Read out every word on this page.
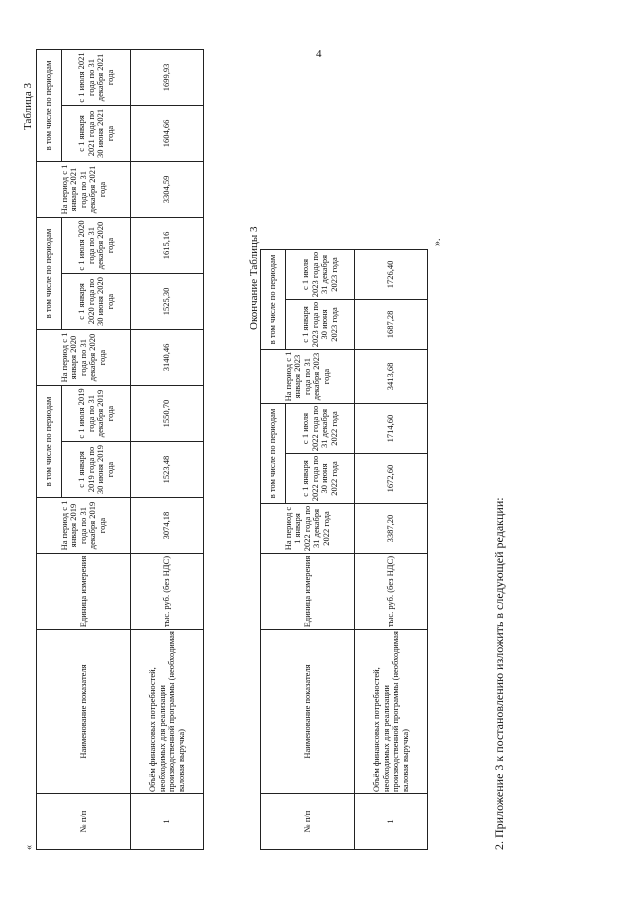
4
«
Таблица 3
№ п/п	Наименование показателя	Единица измерения	На период с 1 января 2019 года по 31 декабря 2019 года	в том числе по периодам		На период с 1 января 2020 года по 31 декабря 2020 года	в том числе по периодам		На период с 1 января 2021 года по 31 декабря 2021 года	в том числе по периодам	
				с 1 января 2019 года по 30 июня 2019 года	с 1 июля 2019 года по 31 декабря 2019 года		с 1 января 2020 года по 30 июня 2020 года	с 1 июля 2020 года по 31 декабря 2020 года		с 1 января 2021 года по 30 июня 2021 года	с 1 июля 2021 года по 31 декабря 2021 года
1	Объём финансовых потребностей, необходимых для реализации производственной программы (необходимая валовая выручка)	тыс. руб. (без НДС)	3074,18	1523,48	1550,70	3140,46	1525,30	1615,16	3304,59	1604,66	1699,93
Окончание Таблицы 3
№ п/п	Наименование показателя	Единица измерения	На период с 1 января 2022 года по 31 декабря 2022 года	в том числе по периодам		На период с 1 января 2023 года по 31 декабря 2023 года	в том числе по периодам	
				с 1 января 2022 года по 30 июня 2022 года	с 1 июля 2022 года по 31 декабря 2022 года		с 1 января 2023 года по 30 июня 2023 года	с 1 июля 2023 года по 31 декабря 2023 года
1	Объём финансовых потребностей, необходимых для реализации производственной программы (необходимая валовая выручка)	тыс. руб. (без НДС)	3387,20	1672,60	1714,60	3413,68	1687,28	1726,40
».
2. Приложение 3 к постановлению изложить в следующей редакции:
